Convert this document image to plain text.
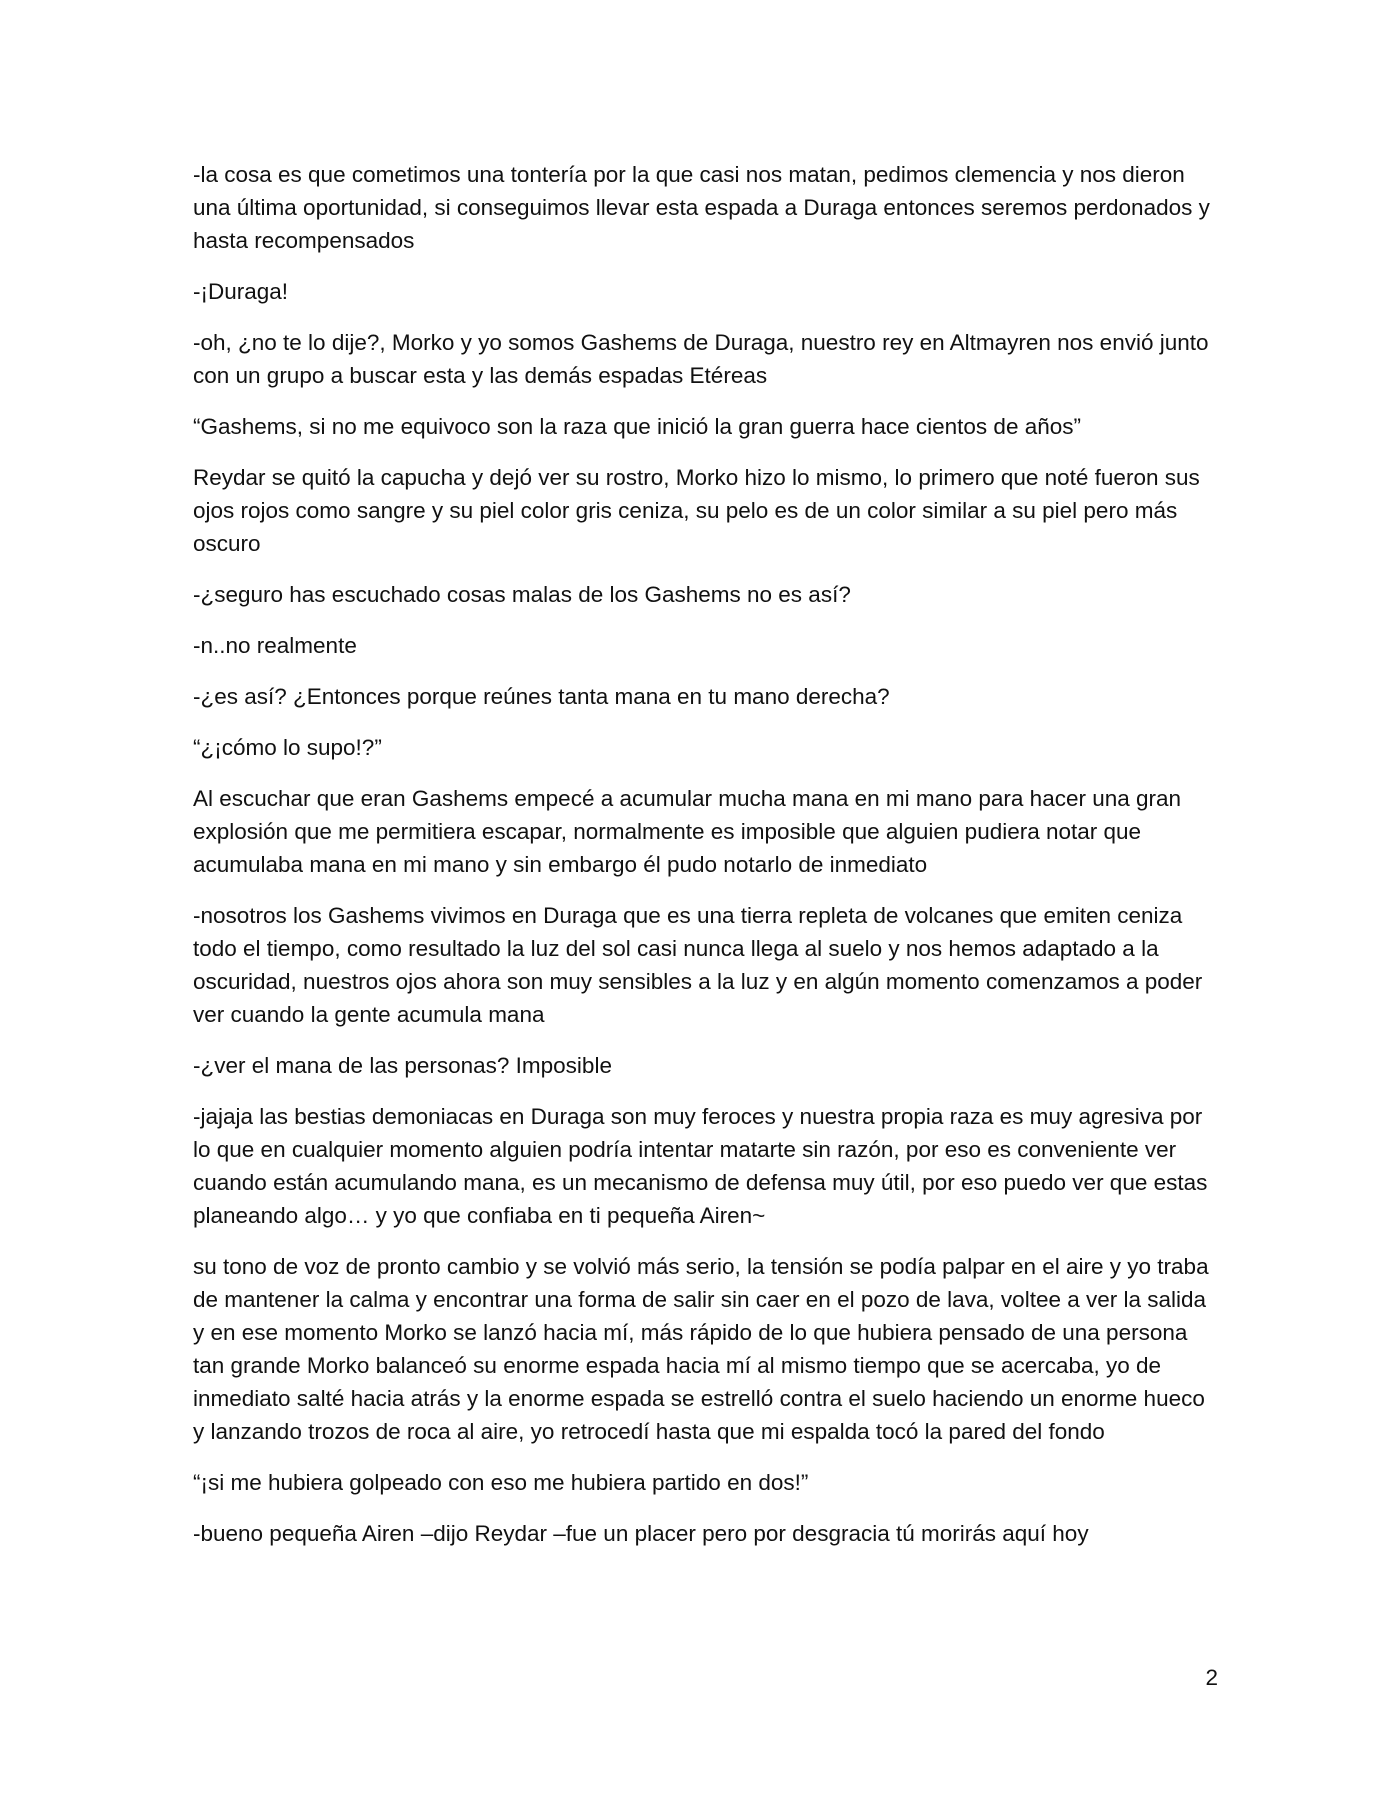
-la cosa es que cometimos una tontería por la que casi nos matan, pedimos clemencia y nos dieron una última oportunidad, si conseguimos llevar esta espada a Duraga entonces seremos perdonados y hasta recompensados

-¡Duraga!

-oh, ¿no te lo dije?, Morko y yo somos Gashems de Duraga, nuestro rey en Altmayren nos envió junto con un grupo a buscar esta y las demás espadas Etéreas

“Gashems, si no me equivoco son la raza que inició la gran guerra hace cientos de años”

Reydar se quitó la capucha y dejó ver su rostro, Morko hizo lo mismo, lo primero que noté fueron sus ojos rojos como sangre y su piel color gris ceniza, su pelo es de un color similar a su piel pero más oscuro

-¿seguro has escuchado cosas malas de los Gashems no es así?

-n..no realmente

-¿es así? ¿Entonces porque reúnes tanta mana en tu mano derecha?

“¿¡cómo lo supo!?”

Al escuchar que eran Gashems empecé a acumular mucha mana en mi mano para hacer una gran explosión que me permitiera escapar, normalmente es imposible que alguien pudiera notar que acumulaba mana en mi mano y sin embargo él pudo notarlo de inmediato

-nosotros los Gashems vivimos en Duraga que es una tierra repleta de volcanes que emiten ceniza todo el tiempo, como resultado la luz del sol casi nunca llega al suelo y nos hemos adaptado a la oscuridad, nuestros ojos ahora son muy sensibles a la luz y en algún momento comenzamos a poder ver cuando la gente acumula mana

-¿ver el mana de las personas? Imposible

-jajaja las bestias demoniacas en Duraga son muy feroces y nuestra propia raza es muy agresiva por lo que en cualquier momento alguien podría intentar matarte sin razón, por eso es conveniente ver cuando están acumulando mana, es un mecanismo de defensa muy útil, por eso puedo ver que estas planeando algo… y yo que confiaba en ti pequeña Airen~

su tono de voz de pronto cambio y se volvió más serio, la tensión se podía palpar en el aire y yo traba de mantener la calma y encontrar una forma de salir sin caer en el pozo de lava, voltee a ver la salida y en ese momento Morko se lanzó hacia mí, más rápido de lo que hubiera pensado de una persona tan grande Morko balanceó su enorme espada hacia mí al mismo tiempo que se acercaba, yo de inmediato salté hacia atrás y la enorme espada se estrelló contra el suelo haciendo un enorme hueco y lanzando trozos de roca al aire, yo retrocedí hasta que mi espalda tocó la pared del fondo

“¡si me hubiera golpeado con eso me hubiera partido en dos!”

-bueno pequeña Airen –dijo Reydar –fue un placer pero por desgracia tú morirás aquí hoy

2
